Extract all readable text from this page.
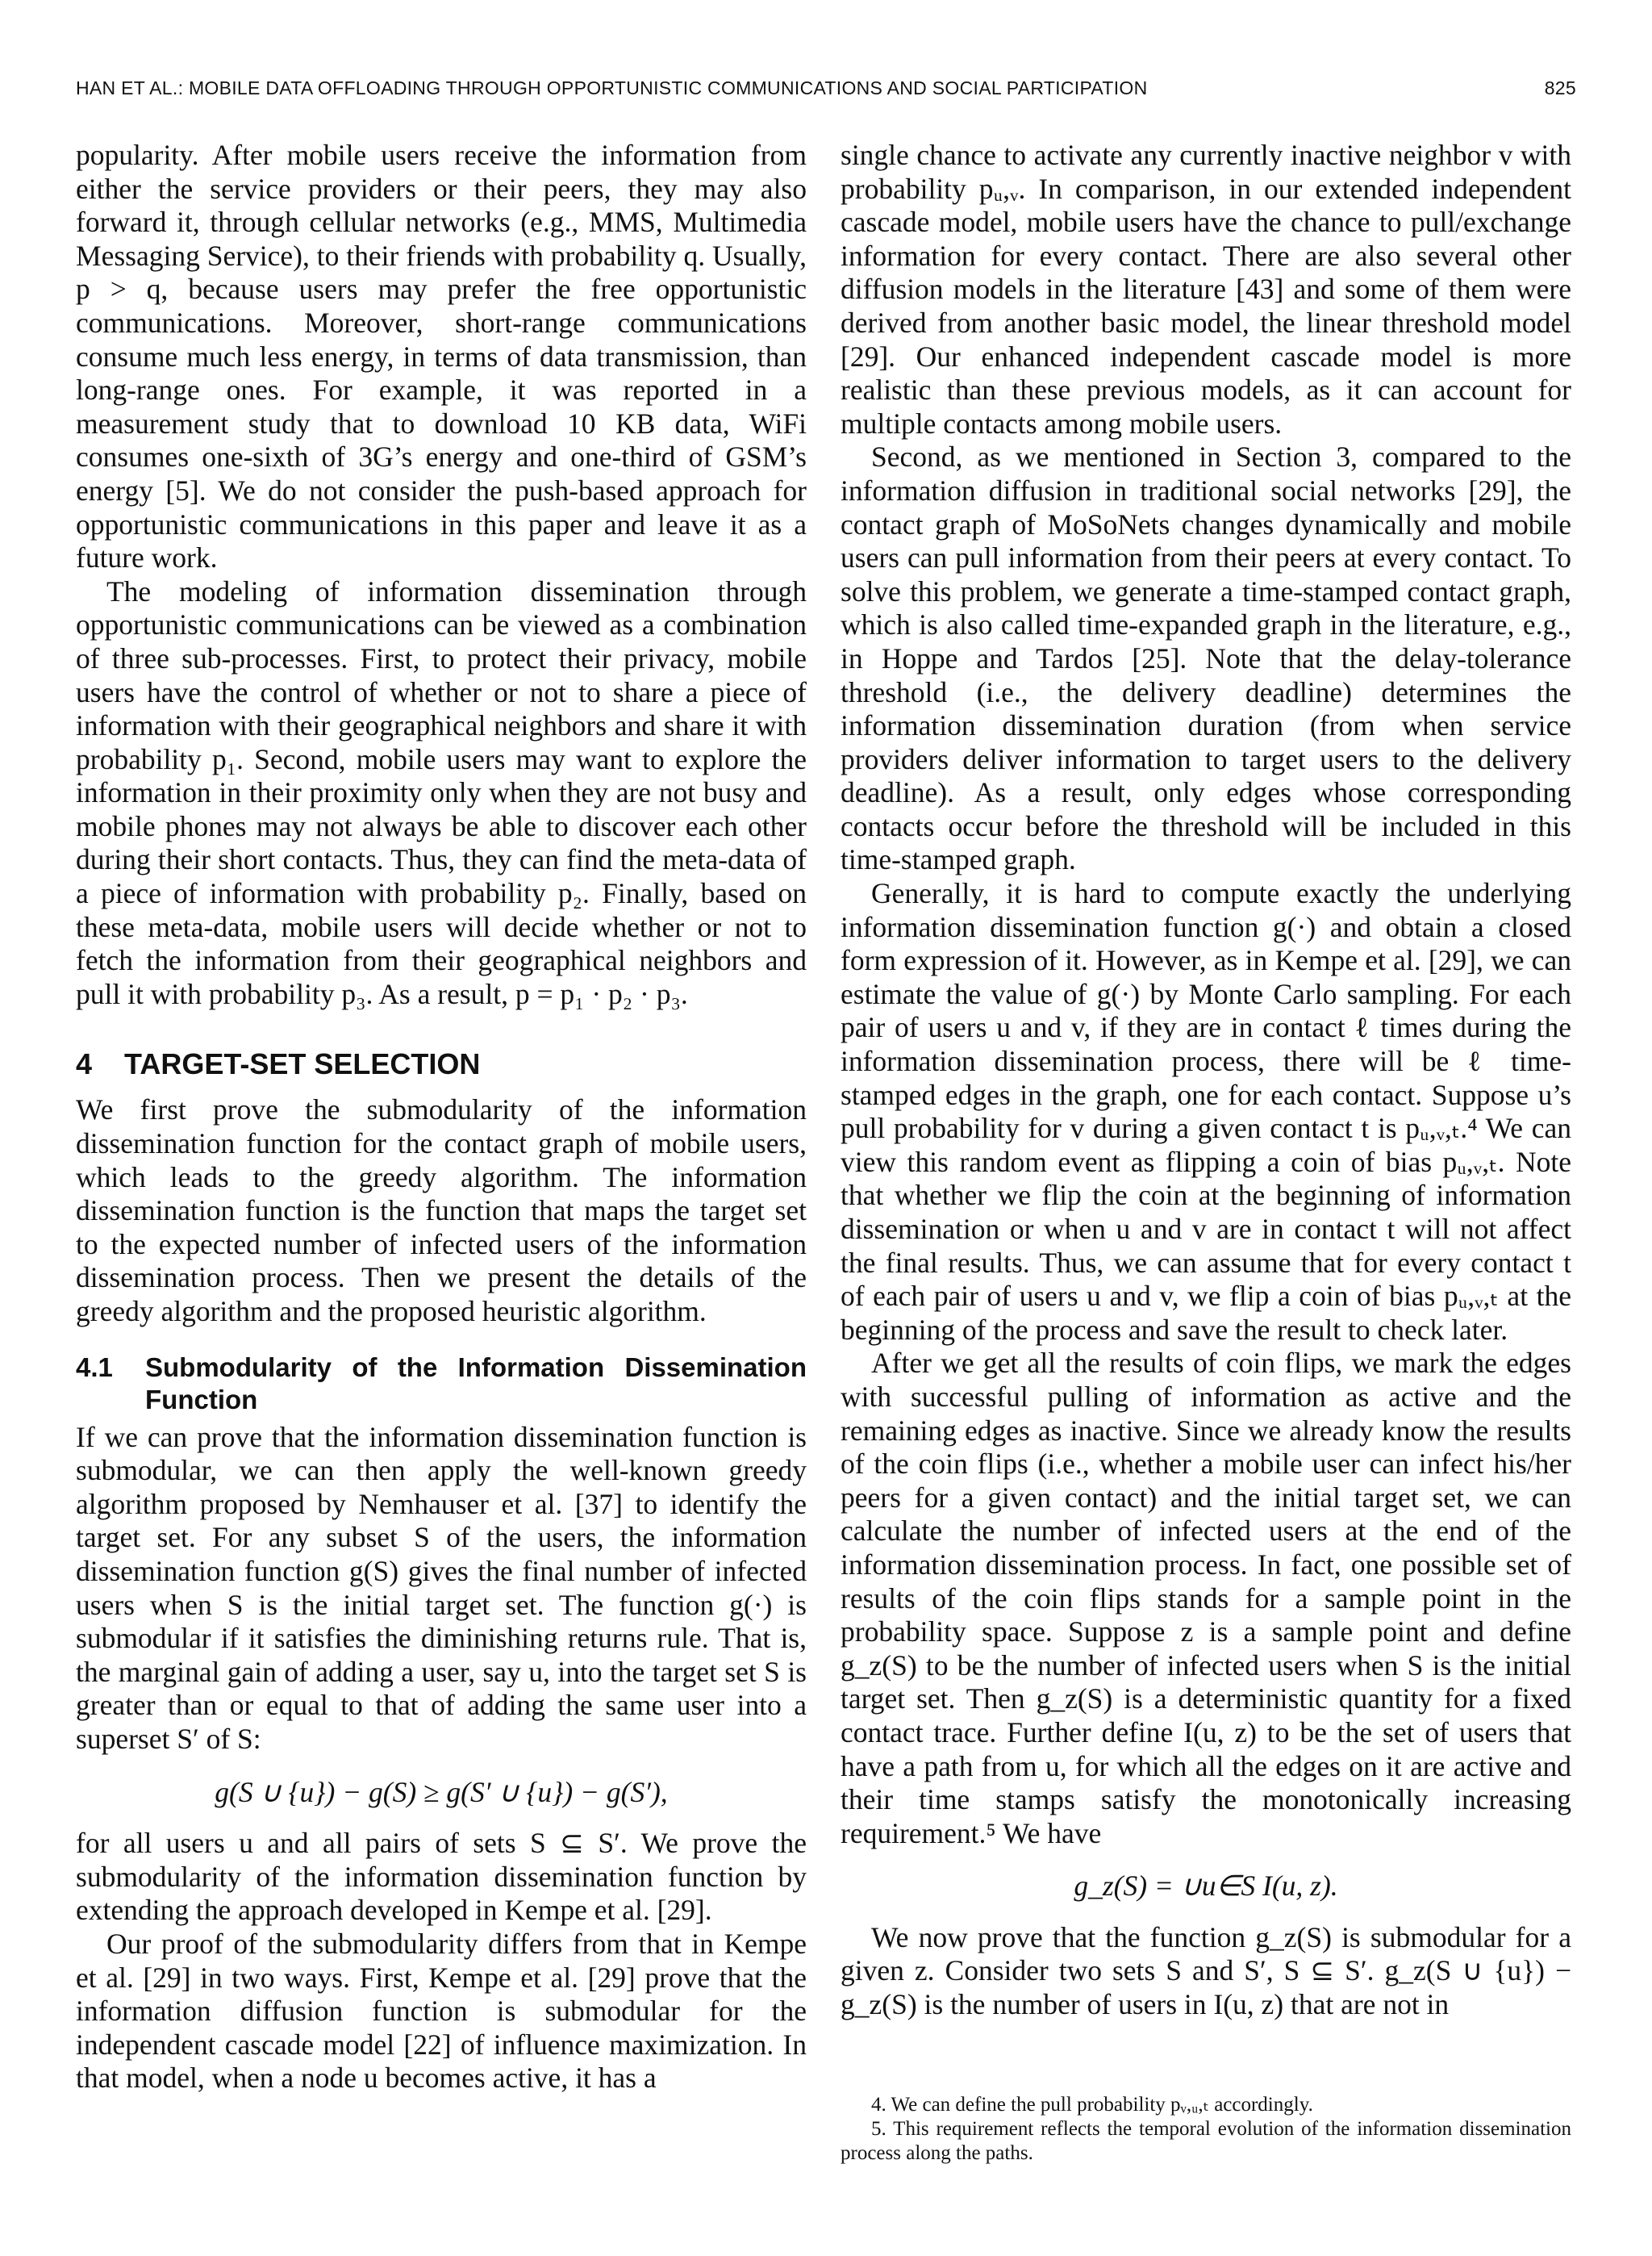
HAN ET AL.: MOBILE DATA OFFLOADING THROUGH OPPORTUNISTIC COMMUNICATIONS AND SOCIAL PARTICIPATION	825

popularity. After mobile users receive the information from either the service providers or their peers, they may also forward it, through cellular networks (e.g., MMS, Multimedia Messaging Service), to their friends with probability q. Usually, p > q, because users may prefer the free opportunistic communications. Moreover, short-range communications consume much less energy, in terms of data transmission, than long-range ones. For example, it was reported in a measurement study that to download 10 KB data, WiFi consumes one-sixth of 3G’s energy and one-third of GSM’s energy [5]. We do not consider the push-based approach for opportunistic communications in this paper and leave it as a future work.

The modeling of information dissemination through opportunistic communications can be viewed as a combination of three sub-processes. First, to protect their privacy, mobile users have the control of whether or not to share a piece of information with their geographical neighbors and share it with probability p₁. Second, mobile users may want to explore the information in their proximity only when they are not busy and mobile phones may not always be able to discover each other during their short contacts. Thus, they can find the meta-data of a piece of information with probability p₂. Finally, based on these meta-data, mobile users will decide whether or not to fetch the information from their geographical neighbors and pull it with probability p₃. As a result, p = p₁ · p₂ · p₃.

4 TARGET-SET SELECTION

We first prove the submodularity of the information dissemination function for the contact graph of mobile users, which leads to the greedy algorithm. The information dissemination function is the function that maps the target set to the expected number of infected users of the information dissemination process. Then we present the details of the greedy algorithm and the proposed heuristic algorithm.

4.1	Submodularity of the Information Dissemination Function

If we can prove that the information dissemination function is submodular, we can then apply the well-known greedy algorithm proposed by Nemhauser et al. [37] to identify the target set. For any subset S of the users, the information dissemination function g(S) gives the final number of infected users when S is the initial target set. The function g(·) is submodular if it satisfies the diminishing returns rule. That is, the marginal gain of adding a user, say u, into the target set S is greater than or equal to that of adding the same user into a superset S′ of S:

g(S ∪ {u}) − g(S) ≥ g(S′ ∪ {u}) − g(S′),

for all users u and all pairs of sets S ⊆ S′. We prove the submodularity of the information dissemination function by extending the approach developed in Kempe et al. [29].

Our proof of the submodularity differs from that in Kempe et al. [29] in two ways. First, Kempe et al. [29] prove that the information diffusion function is submodular for the independent cascade model [22] of influence maximization. In that model, when a node u becomes active, it has a

single chance to activate any currently inactive neighbor v with probability pᵤ,ᵥ. In comparison, in our extended independent cascade model, mobile users have the chance to pull/exchange information for every contact. There are also several other diffusion models in the literature [43] and some of them were derived from another basic model, the linear threshold model [29]. Our enhanced independent cascade model is more realistic than these previous models, as it can account for multiple contacts among mobile users.

Second, as we mentioned in Section 3, compared to the information diffusion in traditional social networks [29], the contact graph of MoSoNets changes dynamically and mobile users can pull information from their peers at every contact. To solve this problem, we generate a time-stamped contact graph, which is also called time-expanded graph in the literature, e.g., in Hoppe and Tardos [25]. Note that the delay-tolerance threshold (i.e., the delivery deadline) determines the information dissemination duration (from when service providers deliver information to target users to the delivery deadline). As a result, only edges whose corresponding contacts occur before the threshold will be included in this time-stamped graph.

Generally, it is hard to compute exactly the underlying information dissemination function g(·) and obtain a closed form expression of it. However, as in Kempe et al. [29], we can estimate the value of g(·) by Monte Carlo sampling. For each pair of users u and v, if they are in contact ℓ times during the information dissemination process, there will be ℓ time-stamped edges in the graph, one for each contact. Suppose u’s pull probability for v during a given contact t is pᵤ,ᵥ,ₜ.⁴ We can view this random event as flipping a coin of bias pᵤ,ᵥ,ₜ. Note that whether we flip the coin at the beginning of information dissemination or when u and v are in contact t will not affect the final results. Thus, we can assume that for every contact t of each pair of users u and v, we flip a coin of bias pᵤ,ᵥ,ₜ at the beginning of the process and save the result to check later.

After we get all the results of coin flips, we mark the edges with successful pulling of information as active and the remaining edges as inactive. Since we already know the results of the coin flips (i.e., whether a mobile user can infect his/her peers for a given contact) and the initial target set, we can calculate the number of infected users at the end of the information dissemination process. In fact, one possible set of results of the coin flips stands for a sample point in the probability space. Suppose z is a sample point and define g_z(S) to be the number of infected users when S is the initial target set. Then g_z(S) is a deterministic quantity for a fixed contact trace. Further define I(u, z) to be the set of users that have a path from u, for which all the edges on it are active and their time stamps satisfy the monotonically increasing requirement.⁵ We have

g_z(S) = ∪u∈S I(u, z).

We now prove that the function g_z(S) is submodular for a given z. Consider two sets S and S′, S ⊆ S′. g_z(S ∪ {u}) − g_z(S) is the number of users in I(u, z) that are not in

4. We can define the pull probability pᵥ,ᵤ,ₜ accordingly.

5. This requirement reflects the temporal evolution of the information dissemination process along the paths.
